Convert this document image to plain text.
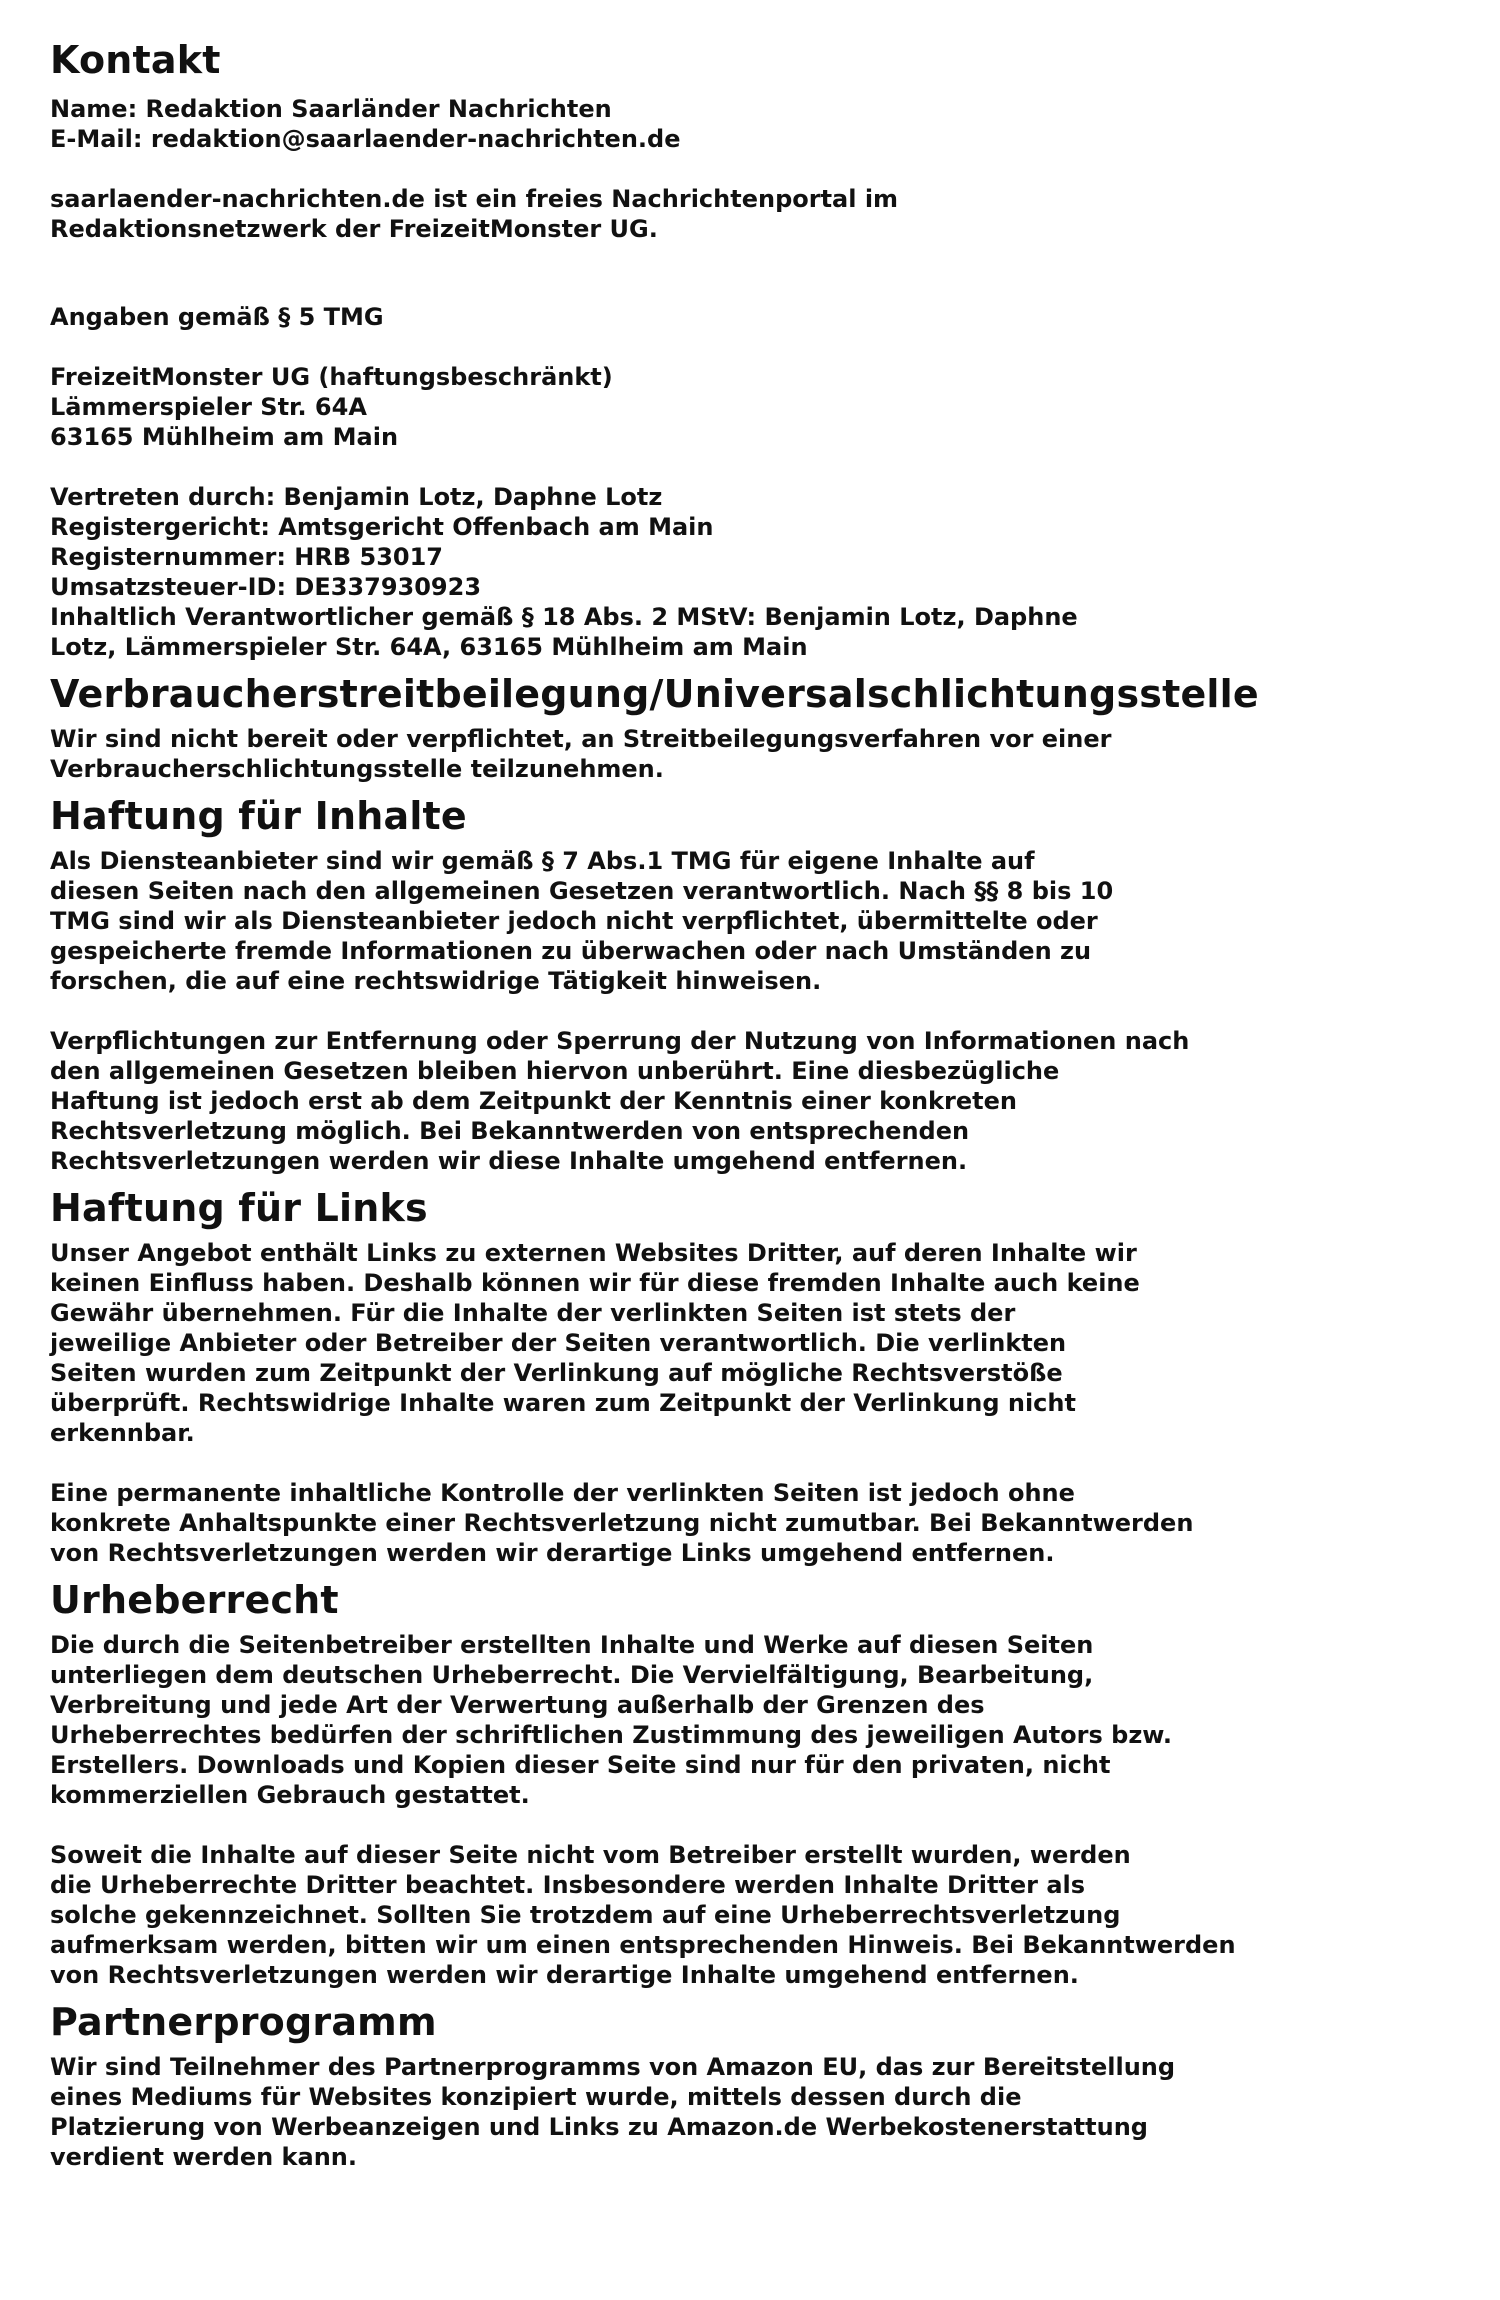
Kontakt

Name: Redaktion Saarländer Nachrichten

E-Mail: redaktion@saarlaender-nachrichten.de

saarlaender-nachrichten.de ist ein freies Nachrichtenportal im

Redaktionsnetzwerk der FreizeitMonster UG.

Angaben gemäß § 5 TMG

FreizeitMonster UG (haftungsbeschränkt)

Lämmerspieler Str. 64A

63165 Mühlheim am Main

Vertreten durch: Benjamin Lotz, Daphne Lotz

Registergericht: Amtsgericht Offenbach am Main

Registernummer: HRB 53017

Umsatzsteuer-ID: DE337930923

Inhaltlich Verantwortlicher gemäß § 18 Abs. 2 MStV: Benjamin Lotz, Daphne

Lotz, Lämmerspieler Str. 64A, 63165 Mühlheim am Main

Verbraucherstreitbeilegung/Universalschlichtungsstelle

Wir sind nicht bereit oder verpflichtet, an Streitbeilegungsverfahren vor einer

Verbraucherschlichtungsstelle teilzunehmen.

Haftung für Inhalte

Als Diensteanbieter sind wir gemäß § 7 Abs.1 TMG für eigene Inhalte auf

diesen Seiten nach den allgemeinen Gesetzen verantwortlich. Nach §§ 8 bis 10

TMG sind wir als Diensteanbieter jedoch nicht verpflichtet, übermittelte oder

gespeicherte fremde Informationen zu überwachen oder nach Umständen zu

forschen, die auf eine rechtswidrige Tätigkeit hinweisen.

Verpflichtungen zur Entfernung oder Sperrung der Nutzung von Informationen nach

den allgemeinen Gesetzen bleiben hiervon unberührt. Eine diesbezügliche

Haftung ist jedoch erst ab dem Zeitpunkt der Kenntnis einer konkreten

Rechtsverletzung möglich. Bei Bekanntwerden von entsprechenden

Rechtsverletzungen werden wir diese Inhalte umgehend entfernen.

Haftung für Links

Unser Angebot enthält Links zu externen Websites Dritter, auf deren Inhalte wir

keinen Einfluss haben. Deshalb können wir für diese fremden Inhalte auch keine

Gewähr übernehmen. Für die Inhalte der verlinkten Seiten ist stets der

jeweilige Anbieter oder Betreiber der Seiten verantwortlich. Die verlinkten

Seiten wurden zum Zeitpunkt der Verlinkung auf mögliche Rechtsverstöße

überprüft. Rechtswidrige Inhalte waren zum Zeitpunkt der Verlinkung nicht

erkennbar.

Eine permanente inhaltliche Kontrolle der verlinkten Seiten ist jedoch ohne

konkrete Anhaltspunkte einer Rechtsverletzung nicht zumutbar. Bei Bekanntwerden

von Rechtsverletzungen werden wir derartige Links umgehend entfernen.

Urheberrecht

Die durch die Seitenbetreiber erstellten Inhalte und Werke auf diesen Seiten

unterliegen dem deutschen Urheberrecht. Die Vervielfältigung, Bearbeitung,

Verbreitung und jede Art der Verwertung außerhalb der Grenzen des

Urheberrechtes bedürfen der schriftlichen Zustimmung des jeweiligen Autors bzw.

Erstellers. Downloads und Kopien dieser Seite sind nur für den privaten, nicht

kommerziellen Gebrauch gestattet.

Soweit die Inhalte auf dieser Seite nicht vom Betreiber erstellt wurden, werden

die Urheberrechte Dritter beachtet. Insbesondere werden Inhalte Dritter als

solche gekennzeichnet. Sollten Sie trotzdem auf eine Urheberrechtsverletzung

aufmerksam werden, bitten wir um einen entsprechenden Hinweis. Bei Bekanntwerden

von Rechtsverletzungen werden wir derartige Inhalte umgehend entfernen.

Partnerprogramm

Wir sind Teilnehmer des Partnerprogramms von Amazon EU, das zur Bereitstellung

eines Mediums für Websites konzipiert wurde, mittels dessen durch die

Platzierung von Werbeanzeigen und Links zu Amazon.de Werbekostenerstattung

verdient werden kann.
